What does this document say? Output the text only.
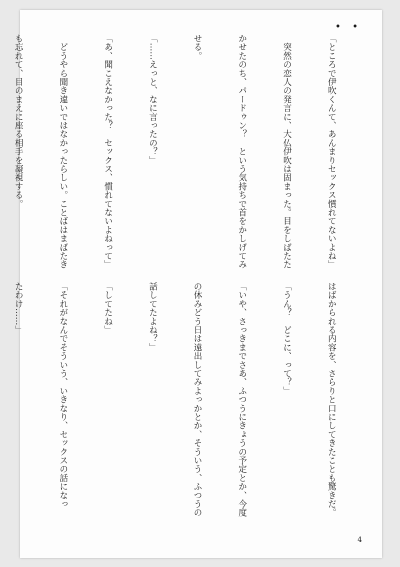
• •

「ところで伊吹くんて、あんまりセックス慣れてないよね」

　突然の恋人の発言に、大仏伊吹は固まった。目をしばたた

かせたのち、パードゥン？　という気持ちで首をかしげてみ

せる。

「……えっと、なに言ったの？」

「あ、聞こえなかった？　セックス、慣れてないよねって」

　どうやら聞き違いではなかったらしい。ことばはまばたき

も忘れて、目のまえに座る相手を凝視する。

はばかられる内容を、さらりと口にしてきたことも驚きだ。

「うん？　どこに、って？」

「いや、さっきまでさあ、ふつうにきょうの予定とか、今度

の休みどう日は遠出してみよっかとか、そういう、ふつうの

話してたよね？」

「してたね」

「それがなんでそういう、いきなり、セックスの話になっ

たわけ……」

4
